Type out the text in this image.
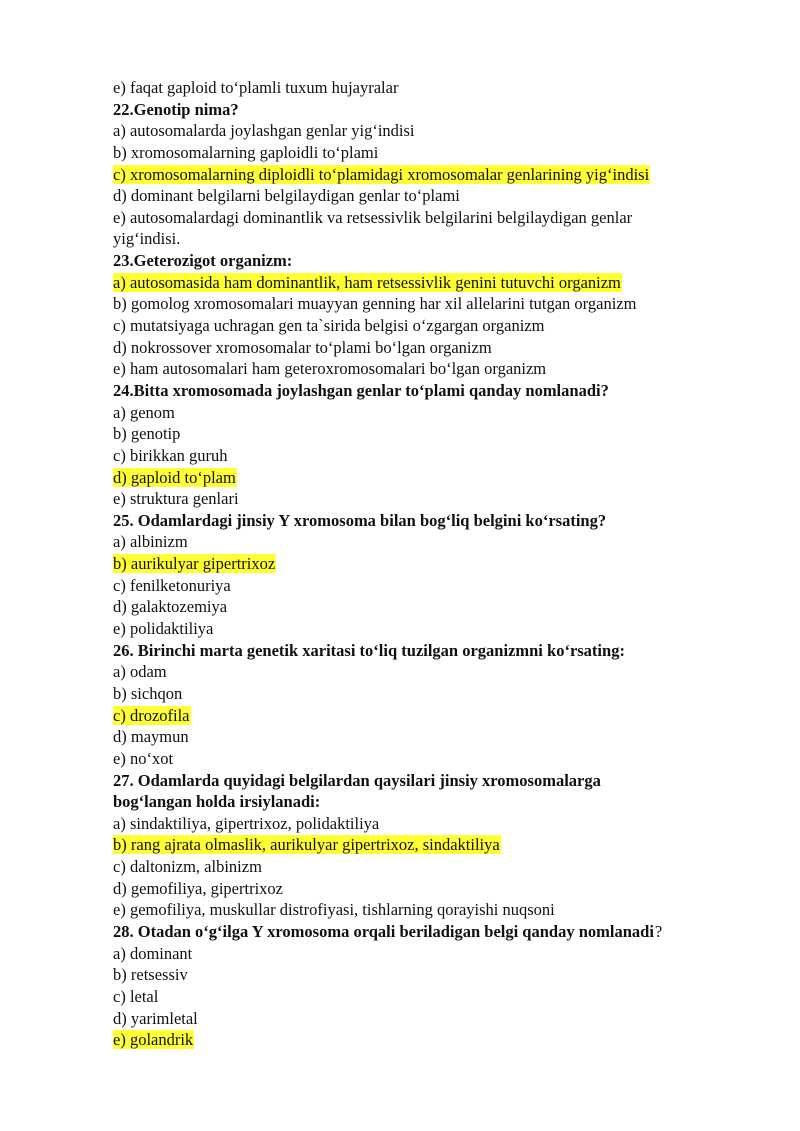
e) faqat gaploid to‘plamli tuxum hujayralar
22.Genotip nima?
a) autosomalarda joylashgan genlar yig‘indisi
b) xromosomalarning gaploidli to‘plami
c) xromosomalarning diploidli to‘plamidagi xromosomalar genlarining yig‘indisi
d) dominant belgilarni belgilaydigan genlar to‘plami
e) autosomalardagi dominantlik va retsessivlik belgilarini belgilaydigan genlar
yig‘indisi.
23.Geterozigot organizm:
a) autosomasida ham dominantlik, ham retsessivlik genini tutuvchi organizm
b) gomolog xromosomalari muayyan genning har xil allelarini tutgan organizm
c) mutatsiyaga uchragan gen ta`sirida belgisi o‘zgargan organizm
d) nokrossover xromosomalar to‘plami bo‘lgan organizm
e) ham autosomalari ham geteroxromosomalari bo‘lgan organizm
24.Bitta xromosomada joylashgan genlar to‘plami qanday nomlanadi?
a) genom
b) genotip
c) birikkan guruh
d) gaploid to‘plam
e) struktura genlari
25. Odamlardagi jinsiy Y xromosoma bilan bog‘liq belgini ko‘rsating?
a) albinizm
b) aurikulyar gipertrixoz
c) fenilketonuriya
d) galaktozemiya
e) polidaktiliya
26. Birinchi marta genetik xaritasi to‘liq tuzilgan organizmni ko‘rsating:
a) odam
b) sichqon
c) drozofila
d) maymun
e) no‘xot
27. Odamlarda quyidagi belgilardan qaysilari jinsiy xromosomalarga
bog‘langan holda irsiylanadi:
a) sindaktiliya, gipertrixoz, polidaktiliya
b) rang ajrata olmaslik, aurikulyar gipertrixoz, sindaktiliya
c) daltonizm, albinizm
d) gemofiliya, gipertrixoz
e) gemofiliya, muskullar distrofiyasi, tishlarning qorayishi nuqsoni
28. Otadan o‘g‘ilga Y xromosoma orqali beriladigan belgi qanday nomlanadi?
a) dominant
b) retsessiv
c) letal
d) yarimletal
e) golandrik
